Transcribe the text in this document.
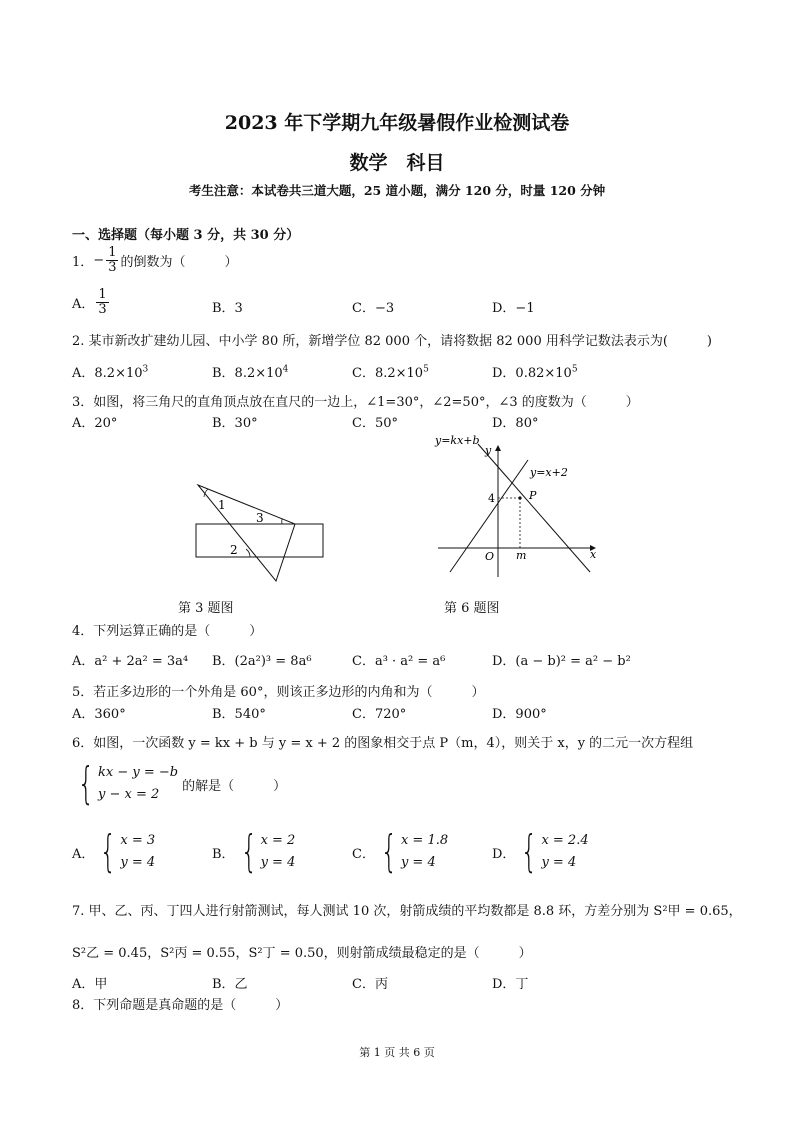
2023 年下学期九年级暑假作业检测试卷
数学　科目
考生注意：本试卷共三道大题，25 道小题，满分 120 分，时量 120 分钟
一、选择题（每小题 3 分，共 30 分）
1． − $\frac{1}{3}$ 的倒数为（　　　）
A． $\frac{1}{3}$	B．3	C．−3	D．−1
2. 某市新改扩建幼儿园、中小学 80 所，新增学位 82 000 个，请将数据 82 000 用科学记数法表示为(　　　)
A．$8.2\times 10^3$	B．$8.2\times 10^4$	C．$8.2\times 10^5$	D．$0.82\times 10^5$
3．如图，将三角尺的直角顶点放在直尺的一边上，∠1=30°，∠2=50°，∠3 的度数为（　　　）
A．20°	B．30°	C．50°	D．80°
1
2
3
第 3 题图
y=kx+b
y=x+2
y
x
O
4
m
P
第 6 题图
4．下列运算正确的是（　　　）
A．a² + 2a² = 3a⁴ B．(2a²)³ = 8a⁶	C．a³ · a² = a⁶	D．(a − b)² = a² − b²
5．若正多边形的一个外角是 60°，则该正多边形的内角和为（　　　）
A．360°	B．540°	C．720°	D．900°
6．如图，一次函数 y = kx + b 与 y = x + 2 的图象相交于点 P（m，4），则关于 x，y 的二元一次方程组
{ kx − y = −b
y − x = 2
的解是（　　　）
A． { x = 3
y = 4
B． { x = 2
y = 4
C． { x = 1.8
y = 4
D． { x = 2.4
y = 4
7. 甲、乙、丙、丁四人进行射箭测试，每人测试 10 次，射箭成绩的平均数都是 8.8 环，方差分别为 S²甲 = 0.65，
S²乙 = 0.45，S²丙 = 0.55，S²丁 = 0.50，则射箭成绩最稳定的是（　　　）
A．甲	B．乙	C．丙	D．丁
8．下列命题是真命题的是（　　　）
第 1 页 共 6 页
